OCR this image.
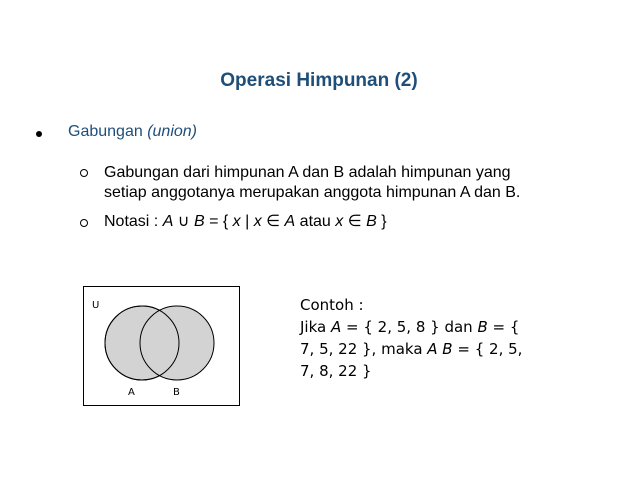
Operasi Himpunan (2)
Gabungan (union)
Gabungan dari himpunan A dan B adalah himpunan yang
setiap anggotanya merupakan anggota himpunan A dan B.
Notasi : A ∪ B = { x | x ∈ A atau x ∈ B }
U
A	B
Contoh :
Jika A = { 2, 5, 8 } dan B = {
7, 5, 22 }, maka A B = { 2, 5,
7, 8, 22 }
